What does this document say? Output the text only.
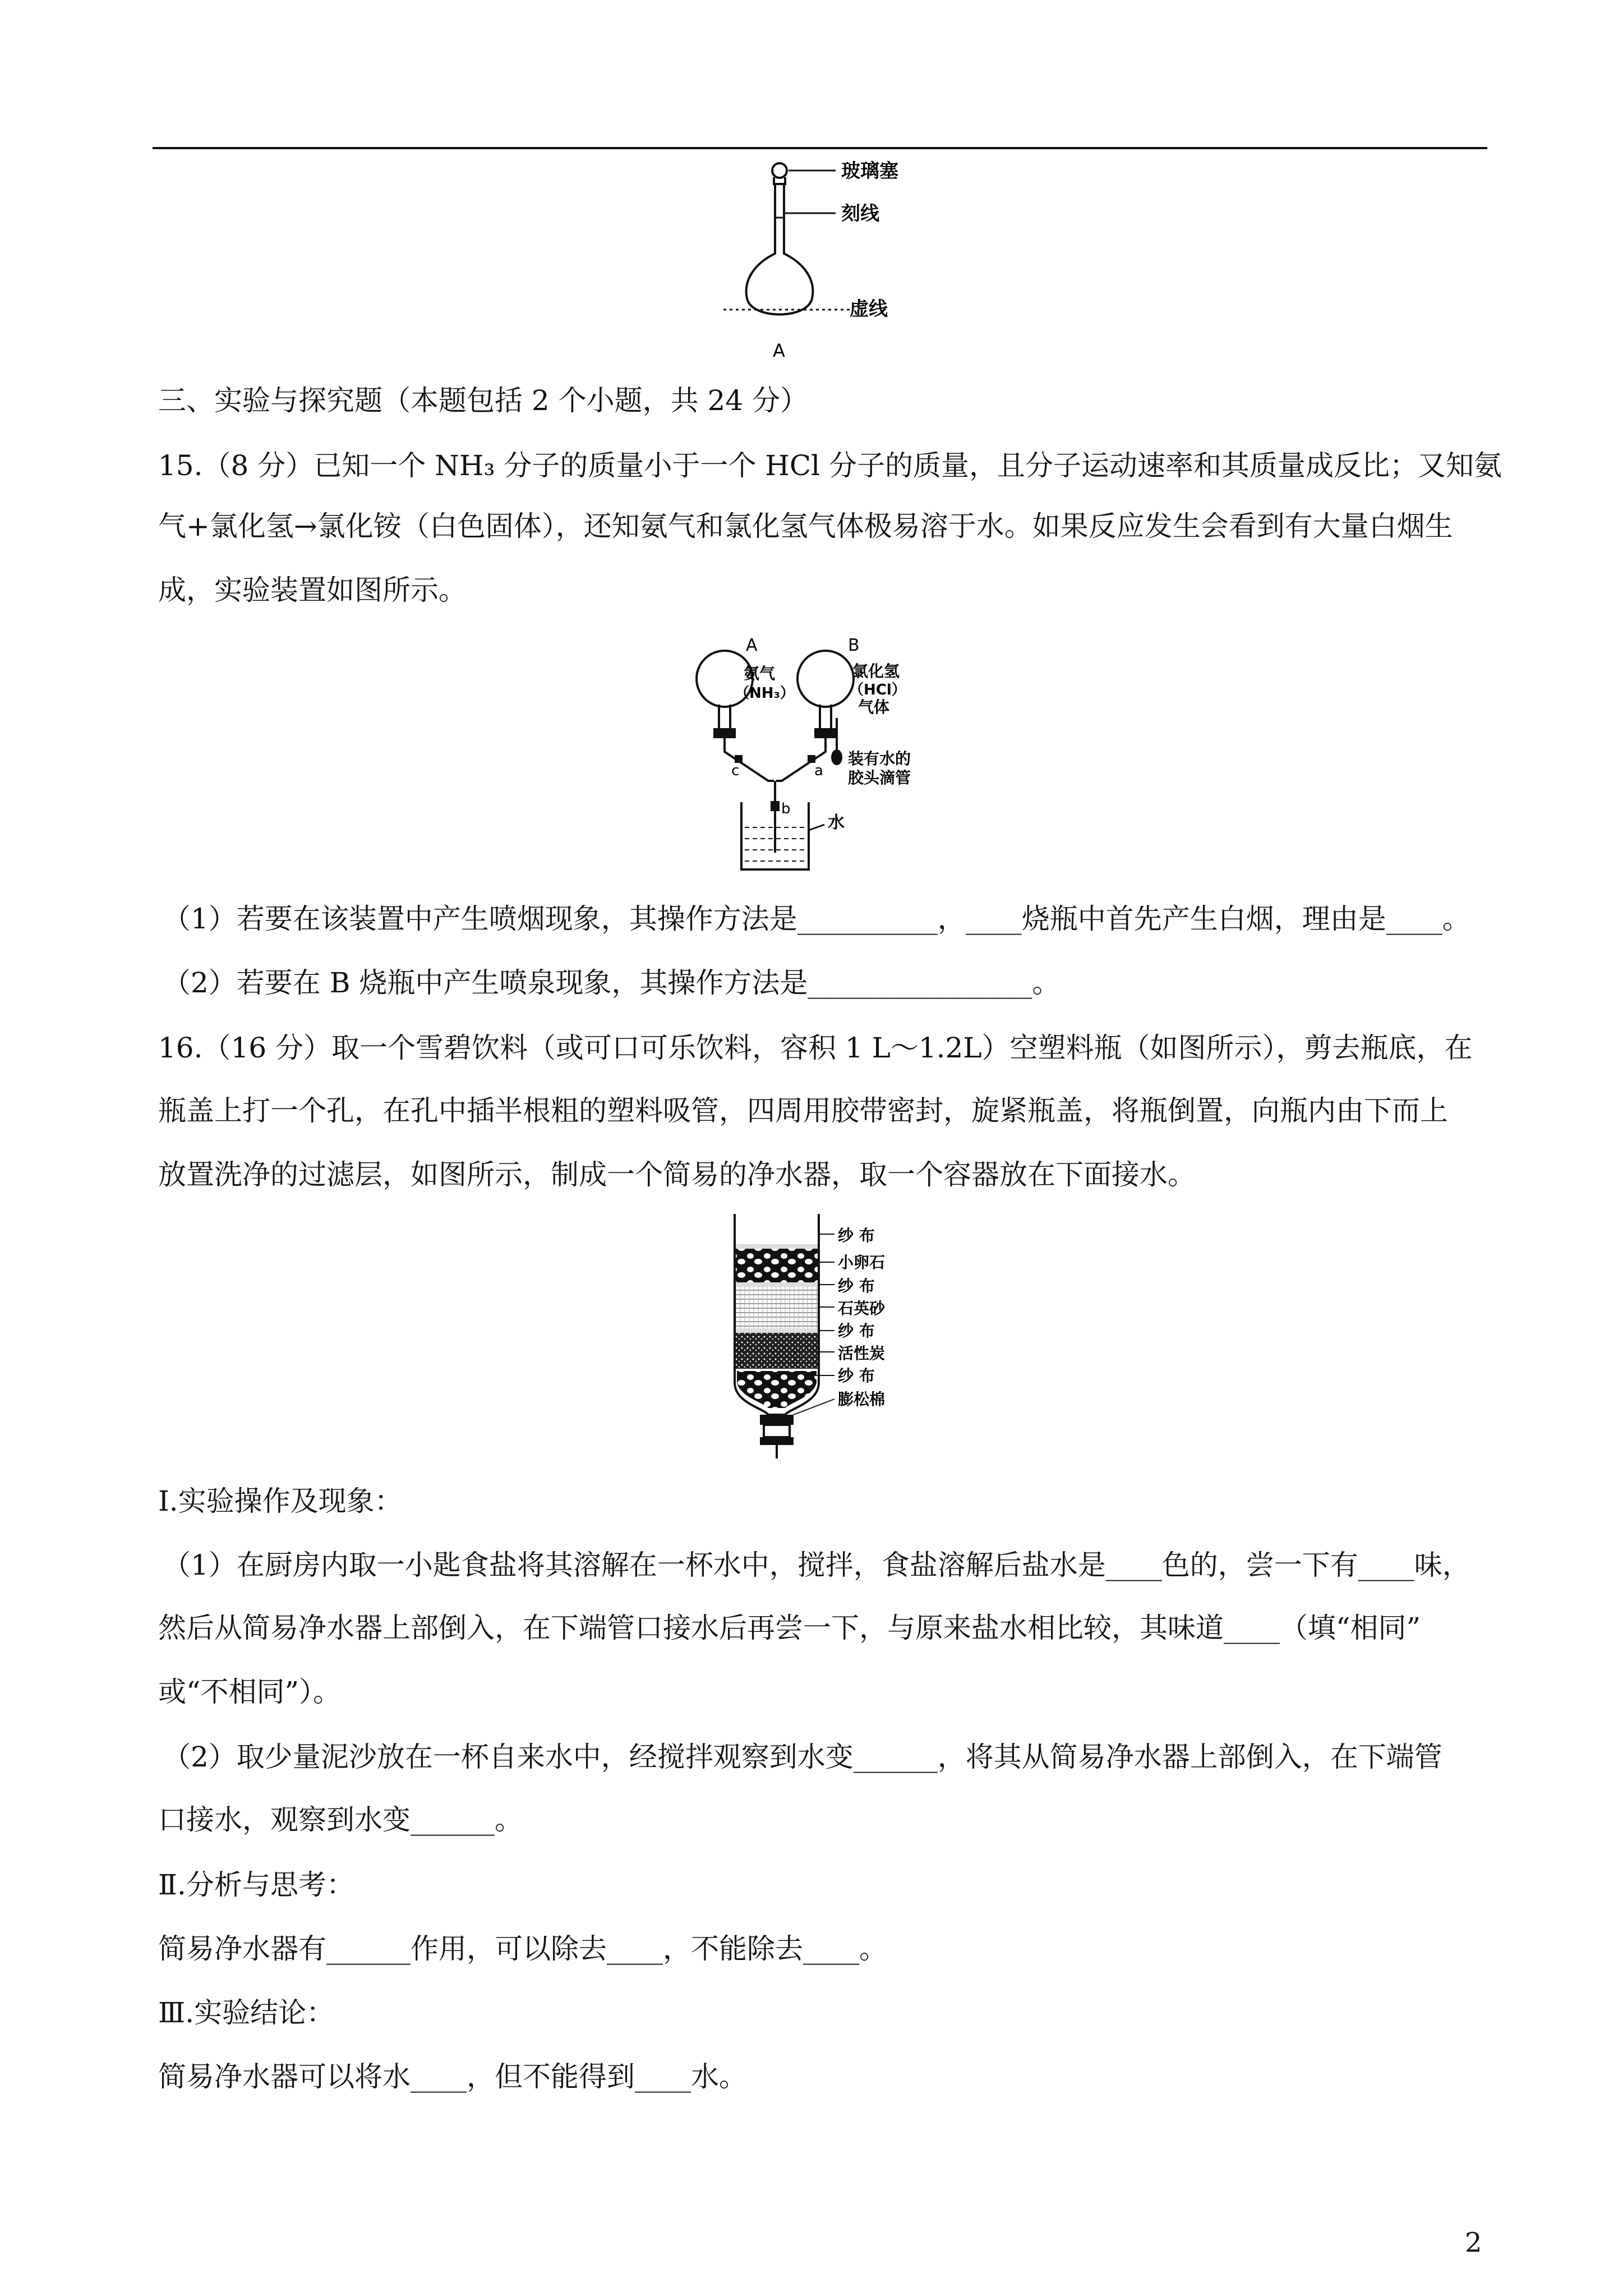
玻璃塞
刻线
虚线
A
三、实验与探究题（本题包括 2 个小题，共 24 分）
15.（8 分）已知一个 NH₃ 分子的质量小于一个 HCl 分子的质量，且分子运动速率和其质量成反比；又知氨
气+氯化氢→氯化铵（白色固体），还知氨气和氯化氢气体极易溶于水。如果反应发生会看到有大量白烟生
成，实验装置如图所示。
A	B
氨气
（NH₃）
氯化氢
（HCl）
气体
装有水的
胶头滴管
a
b
c
水
（1）若要在该装置中产生喷烟现象，其操作方法是__________，____烧瓶中首先产生白烟，理由是____。
（2）若要在 B 烧瓶中产生喷泉现象，其操作方法是________________。
16.（16 分）取一个雪碧饮料（或可口可乐饮料，容积 1 L～1.2L）空塑料瓶（如图所示），剪去瓶底，在
瓶盖上打一个孔，在孔中插半根粗的塑料吸管，四周用胶带密封，旋紧瓶盖，将瓶倒置，向瓶内由下而上
放置洗净的过滤层，如图所示，制成一个简易的净水器，取一个容器放在下面接水。
纱 布
小卵石
纱 布
石英砂
纱 布
活性炭
纱 布
膨松棉
Ⅰ.实验操作及现象：
（1）在厨房内取一小匙食盐将其溶解在一杯水中，搅拌，食盐溶解后盐水是____色的，尝一下有____味，
然后从简易净水器上部倒入，在下端管口接水后再尝一下，与原来盐水相比较，其味道____（填“相同”
或“不相同”）。
（2）取少量泥沙放在一杯自来水中，经搅拌观察到水变______，将其从简易净水器上部倒入，在下端管
口接水，观察到水变______。
Ⅱ.分析与思考：
简易净水器有______作用，可以除去____，不能除去____。
Ⅲ.实验结论：
简易净水器可以将水____，但不能得到____水。
2
